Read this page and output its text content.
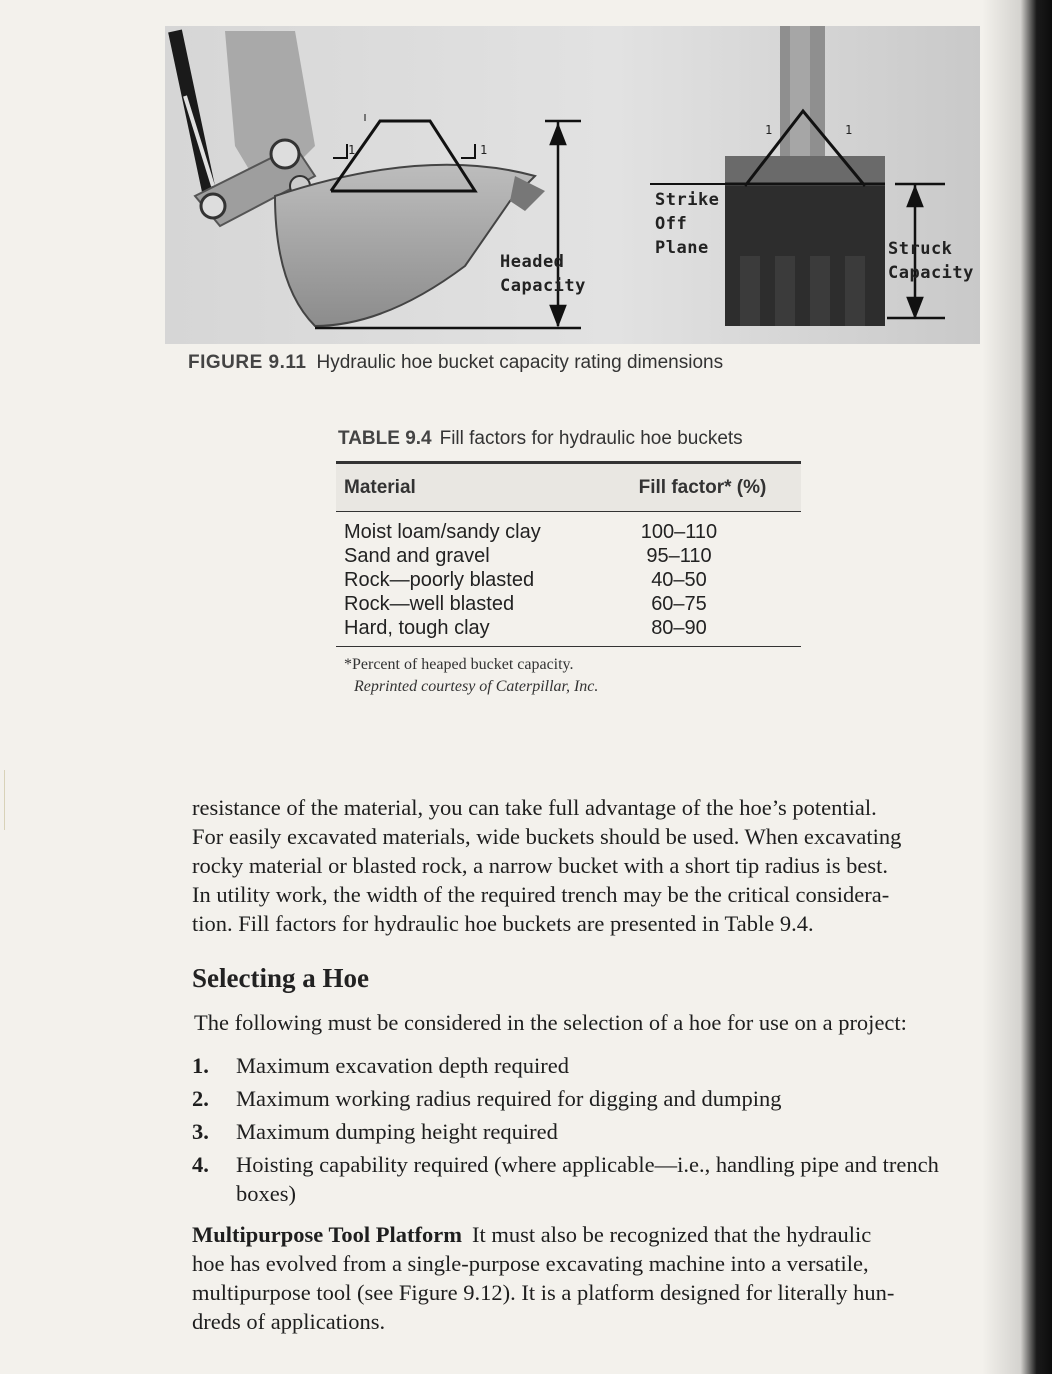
Strike
Off
Plane
Headed
Capacity
Struck
Capacity
1	1
1	1
FIGURE 9.11 Hydraulic hoe bucket capacity rating dimensions
TABLE 9.4 Fill factors for hydraulic hoe buckets
Material	Fill factor* (%)
Moist loam/sandy clay	100–110
Sand and gravel	95–110
Rock—poorly blasted	40–50
Rock—well blasted	60–75
Hard, tough clay	80–90
*Percent of heaped bucket capacity.
Reprinted courtesy of Caterpillar, Inc.
resistance of the material, you can take full advantage of the hoe’s potential.
For easily excavated materials, wide buckets should be used. When excavating
rocky material or blasted rock, a narrow bucket with a short tip radius is best.
In utility work, the width of the required trench may be the critical considera-
tion. Fill factors for hydraulic hoe buckets are presented in Table 9.4.
Selecting a Hoe
The following must be considered in the selection of a hoe for use on a project:
1.	Maximum excavation depth required
2.	Maximum working radius required for digging and dumping
3.	Maximum dumping height required
4.	Hoisting capability required (where applicable—i.e., handling pipe and trench boxes)
Multipurpose Tool Platform It must also be recognized that the hydraulic
hoe has evolved from a single-purpose excavating machine into a versatile,
multipurpose tool (see Figure 9.12). It is a platform designed for literally hun-
dreds of applications.
